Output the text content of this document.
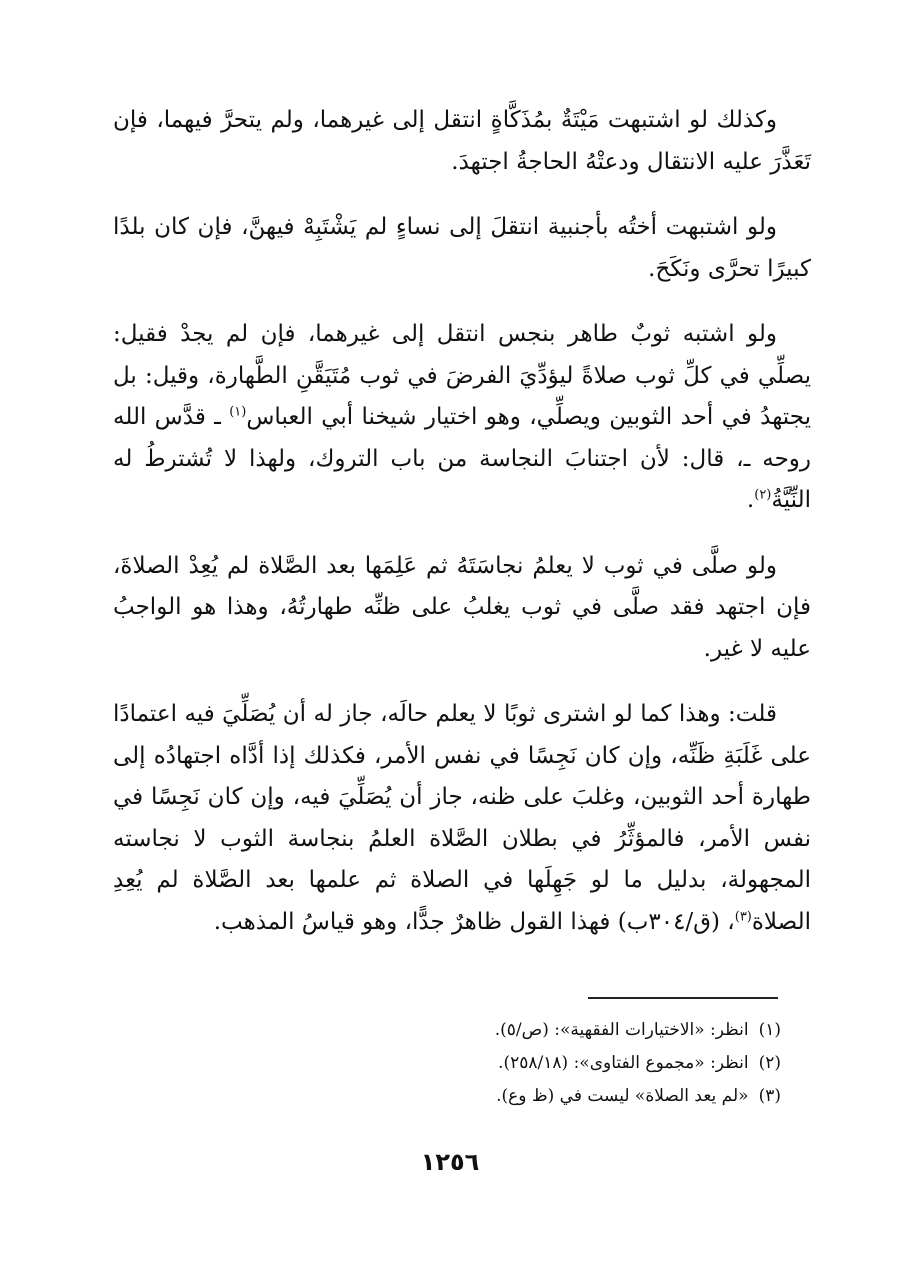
وكذلك لو اشتبهت مَيْتَةٌ بمُذَكَّاةٍ انتقل إلى غيرهما، ولم يتحرَّ فيهما، فإن تَعَذَّرَ عليه الانتقال ودعتْهُ الحاجةُ اجتهدَ.

ولو اشتبهت أختُه بأجنبية انتقلَ إلى نساءٍ لم يَشْتَبِهْ فيهنَّ، فإن كان بلدًا كبيرًا تحرَّى ونَكَحَ.

ولو اشتبه ثوبٌ طاهر بنجس انتقل إلى غيرهما، فإن لم يجدْ فقيل: يصلِّي في كلِّ ثوب صلاةً ليؤدِّيَ الفرضَ في ثوب مُتَيَقَّنِ الطَّهارة، وقيل: بل يجتهدُ في أحد الثوبين ويصلِّي، وهو اختيار شيخنا أبي العباس$^{(١)}$ ـ قدَّس الله روحه ـ، قال: لأن اجتنابَ النجاسة من باب التروك، ولهذا لا تُشترطُ له النِّيَّةُ$^{(٢)}$.

ولو صلَّى في ثوب لا يعلمُ نجاسَتَهُ ثم عَلِمَها بعد الصَّلاة لم يُعِدْ الصلاةَ، فإن اجتهد فقد صلَّى في ثوب يغلبُ على ظنِّه طهارتُهُ، وهذا هو الواجبُ عليه لا غير.

قلت: وهذا كما لو اشترى ثوبًا لا يعلم حالَه، جاز له أن يُصَلِّيَ فيه اعتمادًا على غَلَبَةِ ظَنِّه، وإن كان نَجِسًا في نفس الأمر، فكذلك إذا أدَّاه اجتهادُه إلى طهارة أحد الثوبين، وغلبَ على ظنه، جاز أن يُصَلِّيَ فيه، وإن كان نَجِسًا في نفس الأمر، فالمؤثِّرُ في بطلان الصَّلاة العلمُ بنجاسة الثوب لا نجاسته المجهولة، بدليل ما لو جَهِلَها في الصلاة ثم علمها بعد الصَّلاة لم يُعِدِ الصلاة$^{(٣)}$، (ق/٣٠٤ب) فهذا القول ظاهرٌ جدًّا، وهو قياسُ المذهب.

(١)انظر: «الاختيارات الفقهية»: (ص/٥).

(٢)انظر: «مجموع الفتاوى»: (٢٥٨/١٨).

(٣)«لم يعد الصلاة» ليست في (ظ وع).

١٢٥٦
